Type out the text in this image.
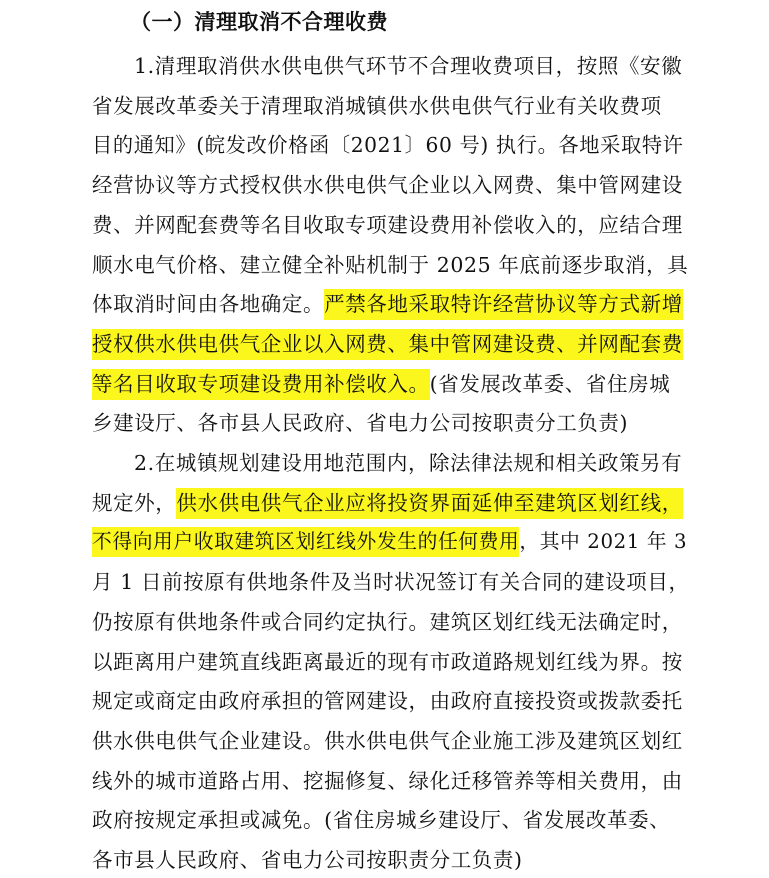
（一）清理取消不合理收费
1.清理取消供水供电供气环节不合理收费项目，按照《安徽
省发展改革委关于清理取消城镇供水供电供气行业有关收费项
目的通知》(皖发改价格函〔2021〕60 号) 执行。各地采取特许
经营协议等方式授权供水供电供气企业以入网费、集中管网建设
费、并网配套费等名目收取专项建设费用补偿收入的，应结合理
顺水电气价格、建立健全补贴机制于 2025 年底前逐步取消，具
体取消时间由各地确定。严禁各地采取特许经营协议等方式新增
授权供水供电供气企业以入网费、集中管网建设费、并网配套费
等名目收取专项建设费用补偿收入。(省发展改革委、省住房城
乡建设厅、各市县人民政府、省电力公司按职责分工负责)
2.在城镇规划建设用地范围内，除法律法规和相关政策另有
规定外，供水供电供气企业应将投资界面延伸至建筑区划红线，
不得向用户收取建筑区划红线外发生的任何费用，其中 2021 年 3
月 1 日前按原有供地条件及当时状况签订有关合同的建设项目，
仍按原有供地条件或合同约定执行。建筑区划红线无法确定时，
以距离用户建筑直线距离最近的现有市政道路规划红线为界。按
规定或商定由政府承担的管网建设，由政府直接投资或拨款委托
供水供电供气企业建设。供水供电供气企业施工涉及建筑区划红
线外的城市道路占用、挖掘修复、绿化迁移管养等相关费用，由
政府按规定承担或减免。(省住房城乡建设厅、省发展改革委、
各市县人民政府、省电力公司按职责分工负责)
